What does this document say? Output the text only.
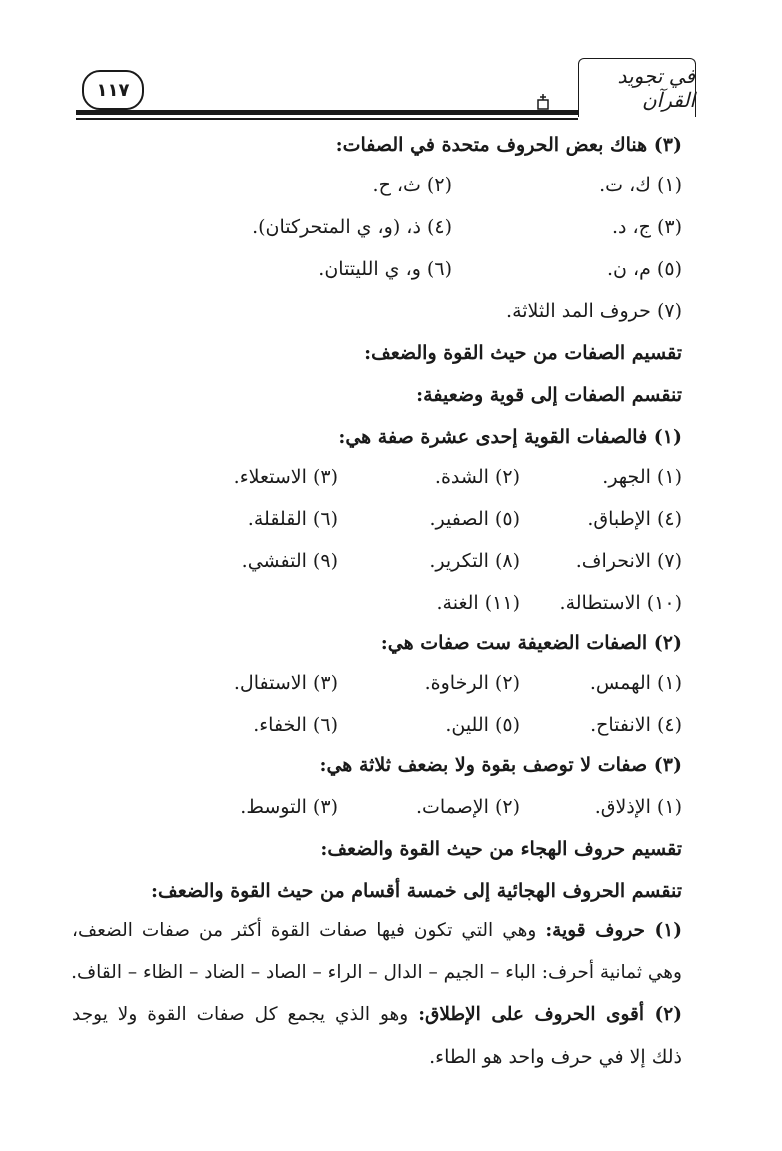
١١٧
في تجويد القرآن
(٣) هناك بعض الحروف متحدة في الصفات:
(١) ك، ت.
(٢) ث، ح.
(٣) ج، د.
(٤) ذ، (و، ي المتحركتان).
(٥) م، ن.
(٦) و، ي الليتتان.
(٧) حروف المد الثلاثة.
تقسيم الصفات من حيث القوة والضعف:
تنقسم الصفات إلى قوية وضعيفة:
(١) فالصفات القوية إحدى عشرة صفة هي:
(١) الجهر.
(٢) الشدة.
(٣) الاستعلاء.
(٤) الإطباق.
(٥) الصفير.
(٦) القلقلة.
(٧) الانحراف.
(٨) التكرير.
(٩) التفشي.
(١٠) الاستطالة.
(١١) الغنة.
(٢) الصفات الضعيفة ست صفات هي:
(١) الهمس.
(٢) الرخاوة.
(٣) الاستفال.
(٤) الانفتاح.
(٥) اللين.
(٦) الخفاء.
(٣) صفات لا توصف بقوة ولا بضعف ثلاثة هي:
(١) الإذلاق.
(٢) الإصمات.
(٣) التوسط.
تقسيم حروف الهجاء من حيث القوة والضعف:
تنقسم الحروف الهجائية إلى خمسة أقسام من حيث القوة والضعف:
(١) حروف قوية: وهي التي تكون فيها صفات القوة أكثر من صفات الضعف،
وهي ثمانية أحرف: الباء – الجيم – الدال – الراء – الصاد – الضاد – الظاء – القاف.
(٢) أقوى الحروف على الإطلاق: وهو الذي يجمع كل صفات القوة ولا يوجد
ذلك إلا في حرف واحد هو الطاء.
